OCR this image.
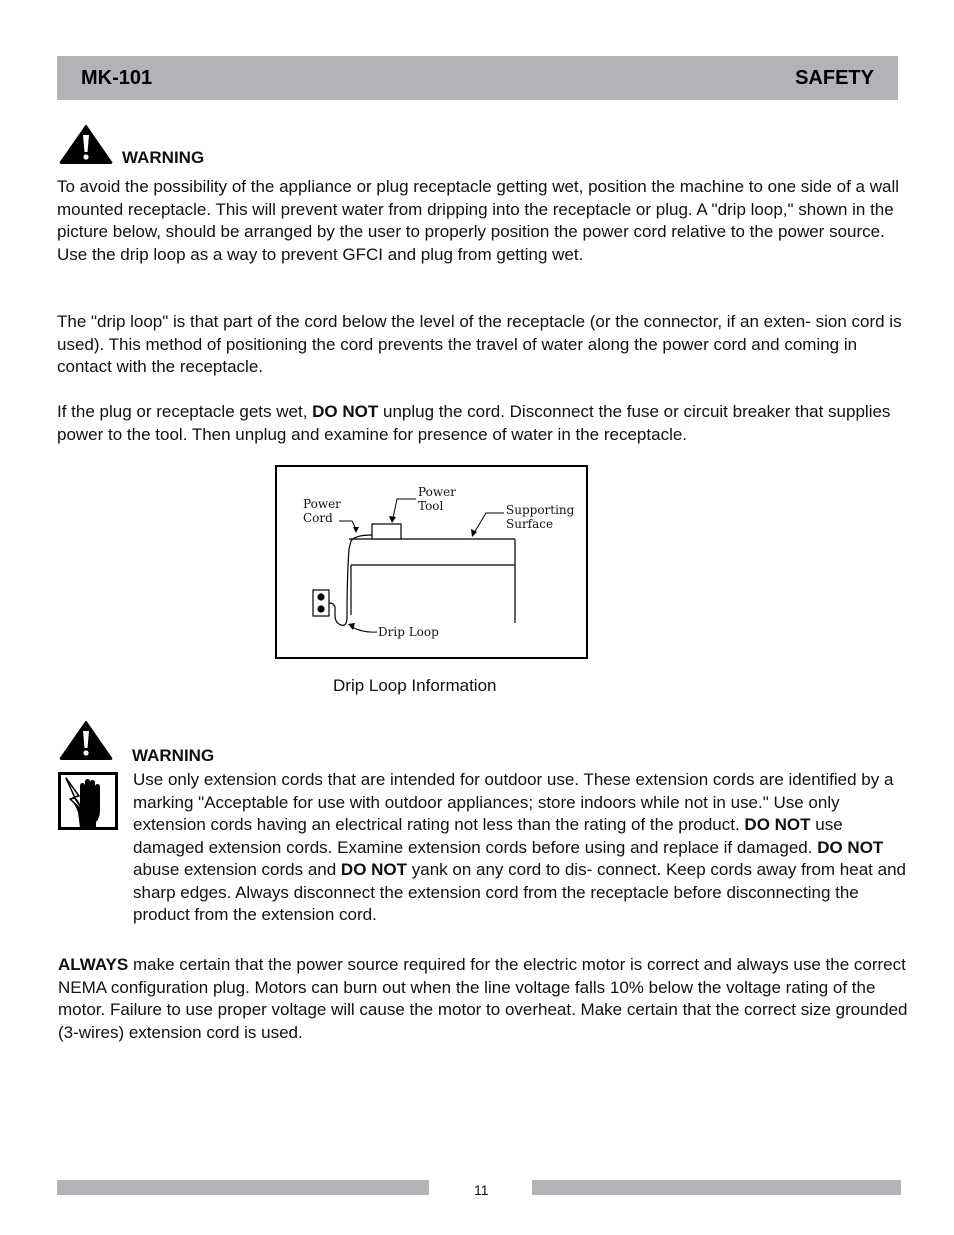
MK-101	SAFETY
WARNING

To avoid the possibility of the appliance or plug receptacle getting wet, position the machine to one side of a wall mounted receptacle. This will prevent water from dripping into the receptacle or plug. A "drip loop," shown in the picture below, should be arranged by the user to properly position the power cord relative to the power source. Use the drip loop as a way to prevent GFCI and plug from getting wet.

The "drip loop" is that part of the cord below the level of the receptacle (or the connector, if an exten- sion cord is used). This method of positioning the cord prevents the travel of water along the power cord and coming in contact with the receptacle.

If the plug or receptacle gets wet, DO NOT unplug the cord. Disconnect the fuse or circuit breaker that supplies power to the tool. Then unplug and examine for presence of water in the receptacle.

Power
Cord
Power
Tool	Supporting
Surface
Drip Loop
Drip Loop Information
WARNING

Use only extension cords that are intended for outdoor use. These extension cords are identified by a marking "Acceptable for use with outdoor appliances; store indoors while not in use." Use only extension cords having an electrical rating not less than the rating of the product. DO NOT use damaged extension cords. Examine extension cords before using and replace if damaged. DO NOT abuse extension cords and DO NOT yank on any cord to dis- connect. Keep cords away from heat and sharp edges. Always disconnect the extension cord from the receptacle before disconnecting the product from the extension cord.

ALWAYS make certain that the power source required for the electric motor is correct and always use the correct NEMA configuration plug. Motors can burn out when the line voltage falls 10% below the voltage rating of the motor. Failure to use proper voltage will cause the motor to overheat. Make certain that the correct size grounded (3-wires) extension cord is used.

11
